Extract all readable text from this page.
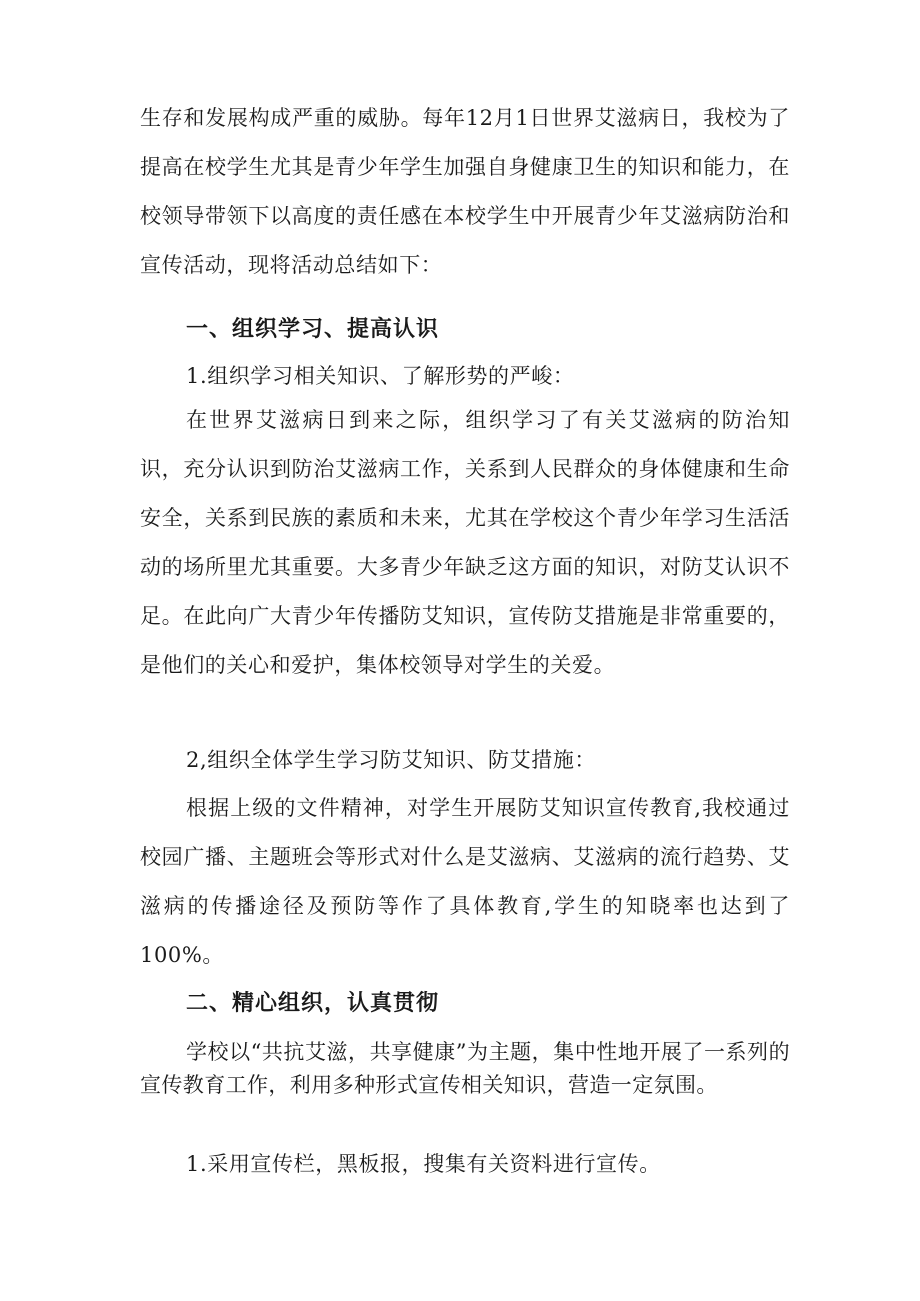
生存和发展构成严重的威胁。每年12月1日世界艾滋病日，我校为了提高在校学生尤其是青少年学生加强自身健康卫生的知识和能力，在校领导带领下以高度的责任感在本校学生中开展青少年艾滋病防治和宣传活动，现将活动总结如下：

一、组织学习、提高认识

1.组织学习相关知识、了解形势的严峻：

在世界艾滋病日到来之际，组织学习了有关艾滋病的防治知识，充分认识到防治艾滋病工作，关系到人民群众的身体健康和生命安全，关系到民族的素质和未来，尤其在学校这个青少年学习生活活动的场所里尤其重要。大多青少年缺乏这方面的知识，对防艾认识不足。在此向广大青少年传播防艾知识，宣传防艾措施是非常重要的，是他们的关心和爱护，集体校领导对学生的关爱。

2,组织全体学生学习防艾知识、防艾措施：

根据上级的文件精神，对学生开展防艾知识宣传教育,我校通过校园广播、主题班会等形式对什么是艾滋病、艾滋病的流行趋势、艾滋病的传播途径及预防等作了具体教育,学生的知晓率也达到了100%。

二、精心组织，认真贯彻

学校以“共抗艾滋，共享健康”为主题，集中性地开展了一系列的宣传教育工作，利用多种形式宣传相关知识，营造一定氛围。

1.采用宣传栏，黑板报，搜集有关资料进行宣传。
